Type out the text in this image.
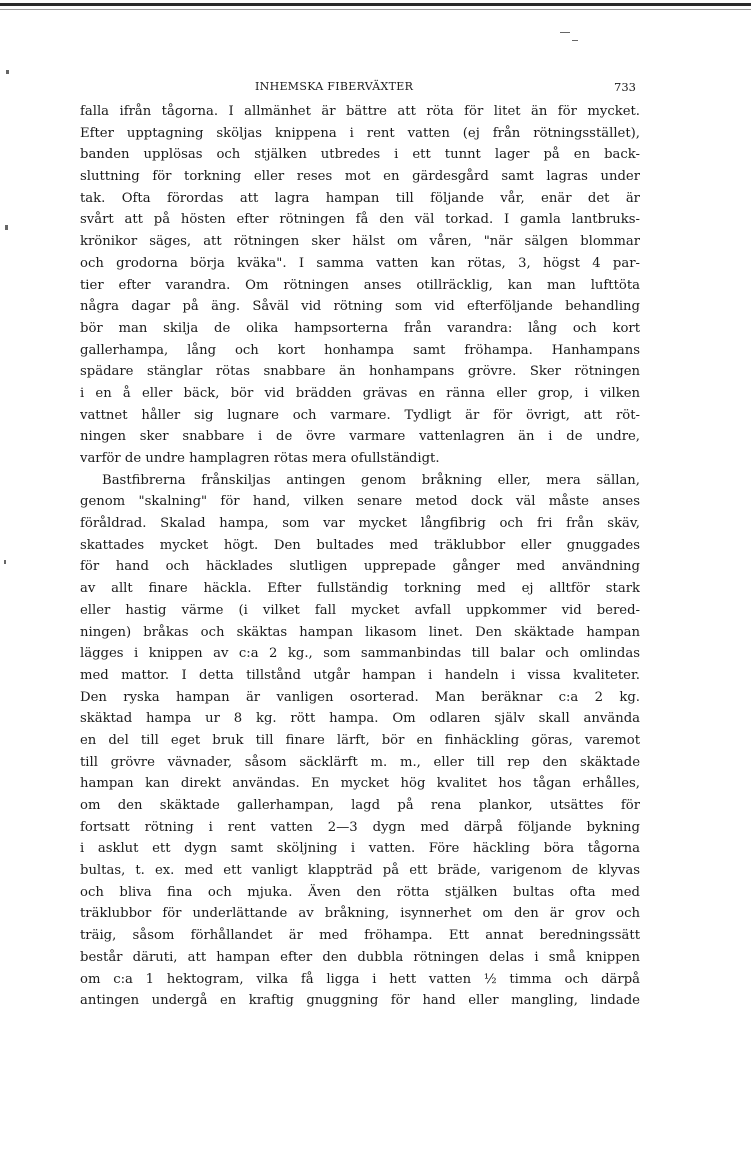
INHEMSKA FIBERVÄXTER	733
falla ifrån tågorna. I allmänhet är bättre att röta för litet än för mycket.
Efter upptagning sköljas knippena i rent vatten (ej från rötningsstället),
banden upplösas och stjälken utbredes i ett tunnt lager på en back-
sluttning för torkning eller reses mot en gärdesgård samt lagras under
tak. Ofta förordas att lagra hampan till följande vår, enär det är
svårt att på hösten efter rötningen få den väl torkad. I gamla lantbruks-
krönikor säges, att rötningen sker hälst om våren, "när sälgen blommar
och grodorna börja kväka". I samma vatten kan rötas, 3, högst 4 par-
tier efter varandra. Om rötningen anses otillräcklig, kan man lufttöta
några dagar på äng. Såväl vid rötning som vid efterföljande behandling
bör man skilja de olika hampsorterna från varandra: lång och kort
gallerhampa, lång och kort honhampa samt fröhampa. Hanhampans
spädare stänglar rötas snabbare än honhampans grövre. Sker rötningen
i en å eller bäck, bör vid brädden grävas en ränna eller grop, i vilken
vattnet håller sig lugnare och varmare. Tydligt är för övrigt, att röt-
ningen sker snabbare i de övre varmare vattenlagren än i de undre,
varför de undre hamplagren rötas mera ofullständigt.
Bastfibrerna frånskiljas antingen genom bråkning eller, mera sällan,
genom "skalning" för hand, vilken senare metod dock väl måste anses
föråldrad. Skalad hampa, som var mycket långfibrig och fri från skäv,
skattades mycket högt. Den bultades med träklubbor eller gnuggades
för hand och häcklades slutligen upprepade gånger med användning
av allt finare häckla. Efter fullständig torkning med ej alltför stark
eller hastig värme (i vilket fall mycket avfall uppkommer vid bered-
ningen) bråkas och skäktas hampan likasom linet. Den skäktade hampan
lägges i knippen av c:a 2 kg., som sammanbindas till balar och omlindas
med mattor. I detta tillstånd utgår hampan i handeln i vissa kvaliteter.
Den ryska hampan är vanligen osorterad. Man beräknar c:a 2 kg.
skäktad hampa ur 8 kg. rött hampa. Om odlaren själv skall använda
en del till eget bruk till finare lärft, bör en finhäckling göras, varemot
till grövre vävnader, såsom säcklärft m. m., eller till rep den skäktade
hampan kan direkt användas. En mycket hög kvalitet hos tågan erhålles,
om den skäktade gallerhampan, lagd på rena plankor, utsättes för
fortsatt rötning i rent vatten 2—3 dygn med därpå följande bykning
i asklut ett dygn samt sköljning i vatten. Före häckling böra tågorna
bultas, t. ex. med ett vanligt klappträd på ett bräde, varigenom de klyvas
och bliva fina och mjuka. Även den rötta stjälken bultas ofta med
träklubbor för underlättande av bråkning, isynnerhet om den är grov och
träig, såsom förhållandet är med fröhampa. Ett annat beredningssätt
består däruti, att hampan efter den dubbla rötningen delas i små knippen
om c:a 1 hektogram, vilka få ligga i hett vatten ½ timma och därpå
antingen undergå en kraftig gnuggning för hand eller mangling, lindade
